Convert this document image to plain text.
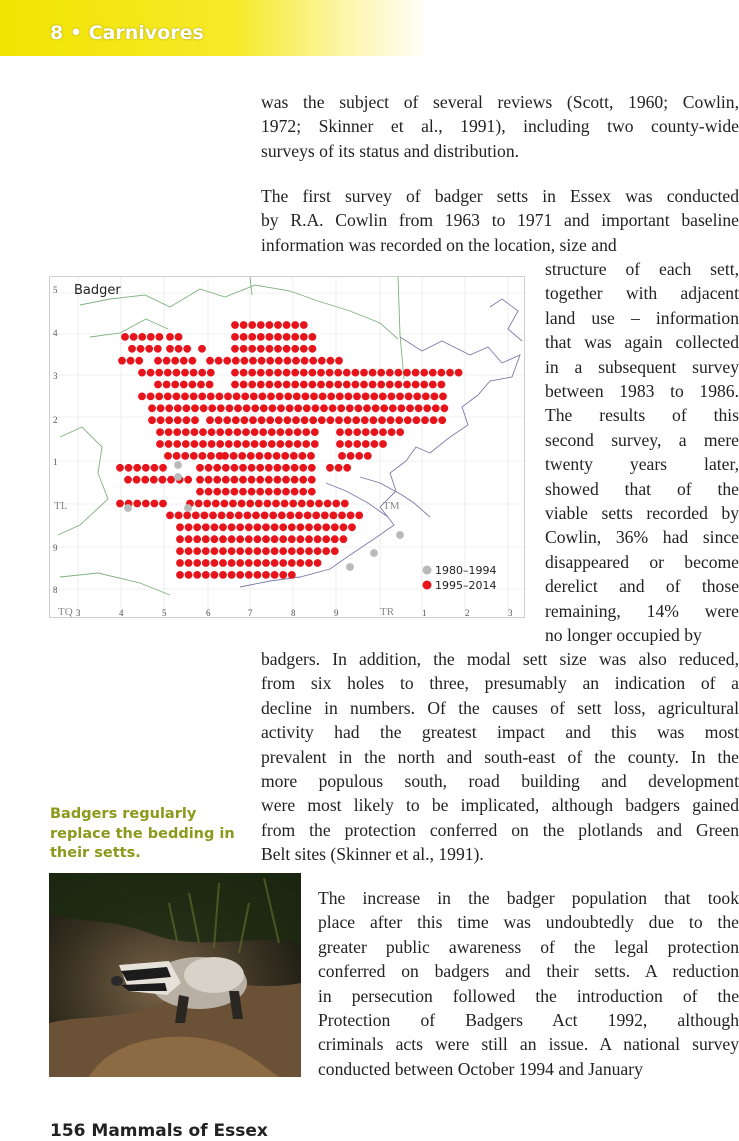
8 • Carnivores
was the subject of several reviews (Scott, 1960; Cowlin,
1972; Skinner et al., 1991), including two county-wide
surveys of its status and distribution.
The first survey of badger setts in Essex was conducted
by R.A. Cowlin from 1963 to 1971 and important baseline
information was recorded on the location, size and
structure of each sett,
together with adjacent
land use – information
that was again collected
in a subsequent survey
between 1983 to 1986.
The results of this
second survey, a mere
twenty years later,
showed that of the
viable setts recorded by
Cowlin, 36% had since
disappeared or become
derelict and of those
remaining, 14% were
no longer occupied by
badgers. In addition, the modal sett size was also reduced,
from six holes to three, presumably an indication of a
decline in numbers. Of the causes of sett loss, agricultural
activity had the greatest impact and this was most
prevalent in the north and south-east of the county. In the
more populous south, road building and development
were most likely to be implicated, although badgers gained
from the protection conferred on the plotlands and Green
Belt sites (Skinner et al., 1991).
The increase in the badger population that took
place after this time was undoubtedly due to the
greater public awareness of the legal protection
conferred on badgers and their setts. A reduction
in persecution followed the introduction of the
Protection of Badgers Act 1992, although
criminals acts were still an issue. A national survey
conducted between October 1994 and January
Badger
1980–1994
1995–2014
TL	TM
TQ	TR
5
4
3
2
1
9
8
3	4	5	6	7	8	9	1	2	3
Badgers regularly replace the bedding in their setts.
156 Mammals of Essex
